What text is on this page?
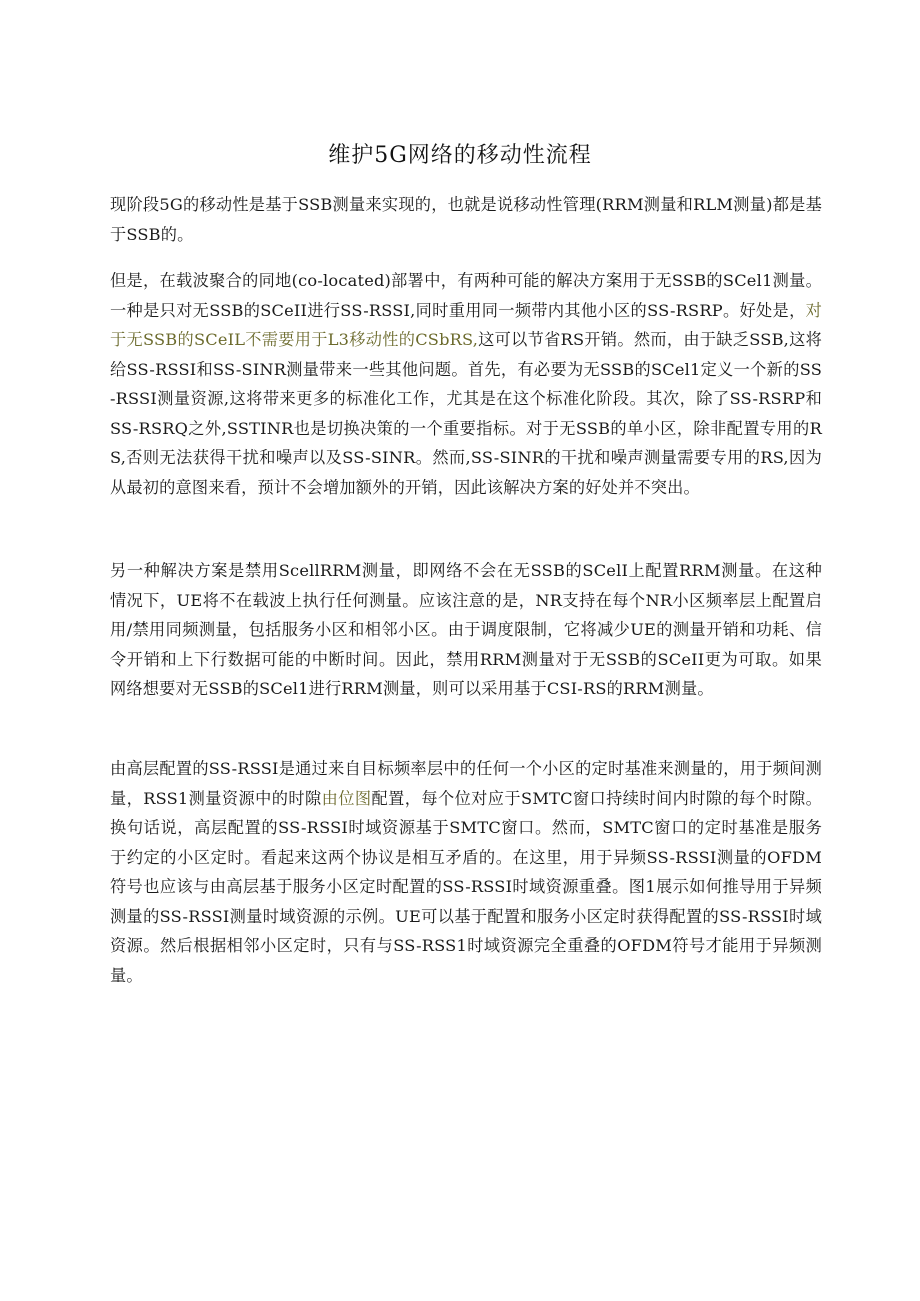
维护5G网络的移动性流程
现阶段5G的移动性是基于SSB测量来实现的，也就是说移动性管理(RRM测量和RLM测量)都是基于SSB的。
但是，在载波聚合的同地(co-located)部署中，有两种可能的解决方案用于无SSB的SCel1测量。一种是只对无SSB的SCeII进行SS-RSSI,同时重用同一频带内其他小区的SS-RSRP。好处是，对于无SSB的SCeIL不需要用于L3移动性的CSbRS,这可以节省RS开销。然而，由于缺乏SSB,这将给SS-RSSI和SS-SINR测量带来一些其他问题。首先，有必要为无SSB的SCel1定义一个新的SS-RSSI测量资源,这将带来更多的标准化工作，尤其是在这个标准化阶段。其次，除了SS-RSRP和SS-RSRQ之外,SSTINR也是切换决策的一个重要指标。对于无SSB的单小区，除非配置专用的RS,否则无法获得干扰和噪声以及SS-SINR。然而,SS-SINR的干扰和噪声测量需要专用的RS,因为从最初的意图来看，预计不会增加额外的开销，因此该解决方案的好处并不突出。
另一种解决方案是禁用ScellRRM测量，即网络不会在无SSB的SCelI上配置RRM测量。在这种情况下，UE将不在载波上执行任何测量。应该注意的是，NR支持在每个NR小区频率层上配置启用/禁用同频测量，包括服务小区和相邻小区。由于调度限制，它将减少UE的测量开销和功耗、信令开销和上下行数据可能的中断时间。因此，禁用RRM测量对于无SSB的SCeII更为可取。如果网络想要对无SSB的SCel1进行RRM测量，则可以采用基于CSI-RS的RRM测量。
由高层配置的SS-RSSI是通过来自目标频率层中的任何一个小区的定时基准来测量的，用于频间测量，RSS1测量资源中的时隙由位图配置，每个位对应于SMTC窗口持续时间内时隙的每个时隙。换句话说，高层配置的SS-RSSI时域资源基于SMTC窗口。然而，SMTC窗口的定时基准是服务于约定的小区定时。看起来这两个协议是相互矛盾的。在这里，用于异频SS-RSSI测量的OFDM符号也应该与由高层基于服务小区定时配置的SS-RSSI时域资源重叠。图1展示如何推导用于异频测量的SS-RSSI测量时域资源的示例。UE可以基于配置和服务小区定时获得配置的SS-RSSI时域资源。然后根据相邻小区定时，只有与SS-RSS1时域资源完全重叠的OFDM符号才能用于异频测量。
